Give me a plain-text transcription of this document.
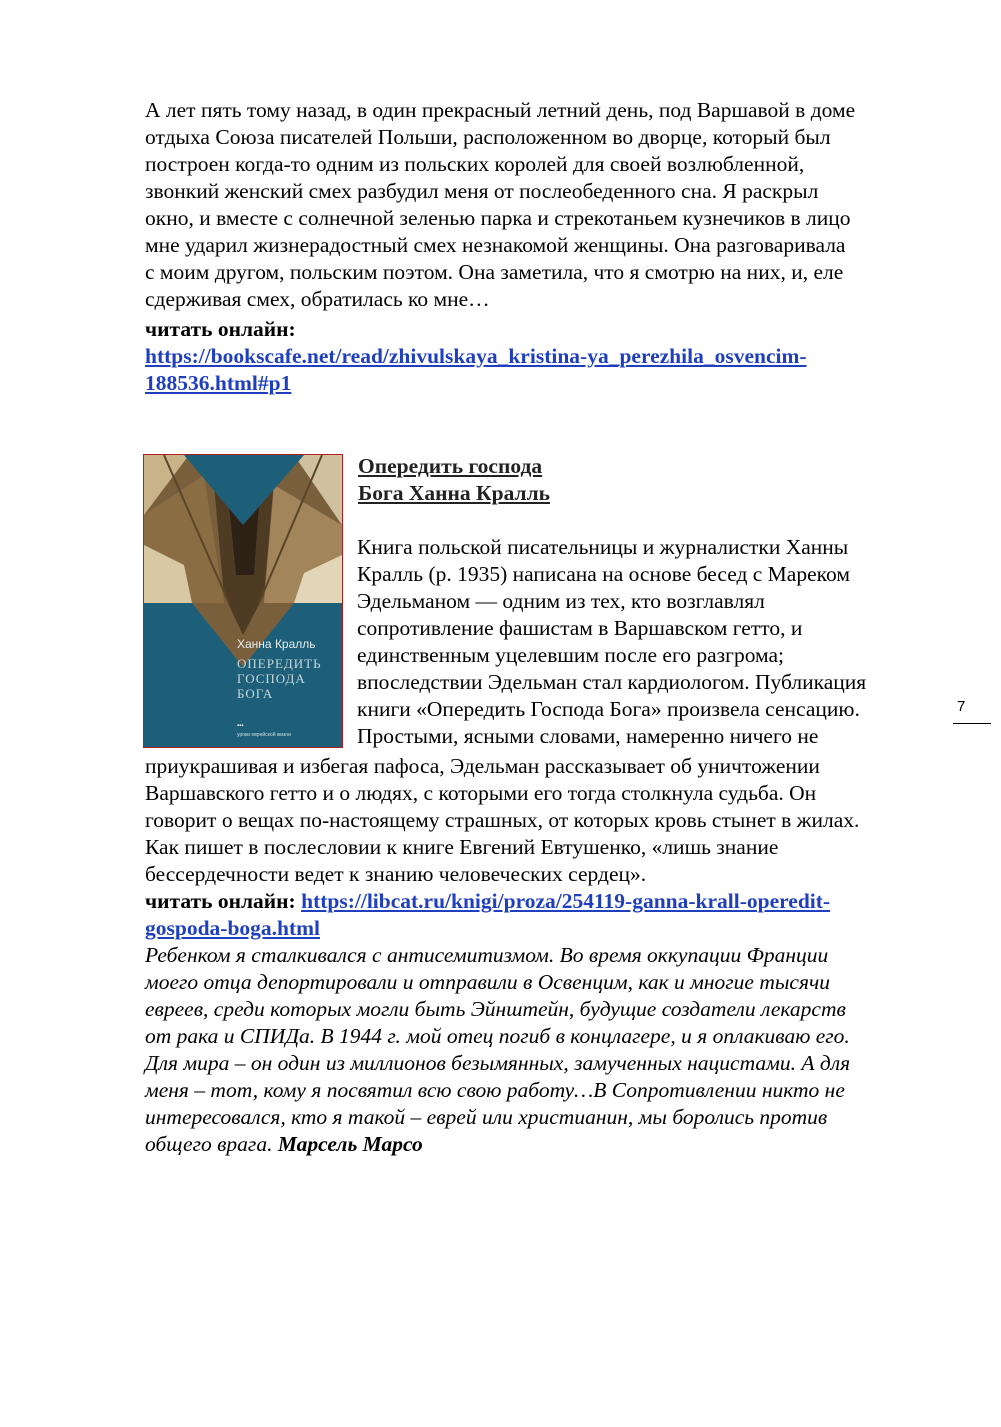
А лет пять тому назад, в один прекрасный летний день, под Варшавой в доме
отдыха Союза писателей Польши, расположенном во дворце, который был
построен когда-то одним из польских королей для своей возлюбленной,
звонкий женский смех разбудил меня от послеобеденного сна. Я раскрыл
окно, и вместе с солнечной зеленью парка и стрекотаньем кузнечиков в лицо
мне ударил жизнерадостный смех незнакомой женщины. Она разговаривала
с моим другом, польским поэтом. Она заметила, что я смотрю на них, и, еле
сдерживая смех, обратилась ко мне…
читать онлайн:
https://bookscafe.net/read/zhivulskaya_kristina-ya_perezhila_osvencim-
188536.html#p1
Ханна Кралль
ОПЕРЕДИТЬ
ГОСПОДА
БОГА
▪▪▪
уроки еврейской жизни
Опередить господа
Бога Ханна Кралль
Книга польской писательницы и журналистки Ханны
Кралль (р. 1935) написана на основе бесед с Мареком
Эдельманом — одним из тех, кто возглавлял
сопротивление фашистам в Варшавском гетто, и
единственным уцелевшим после его разгрома;
впоследствии Эдельман стал кардиологом. Публикация
книги «Опередить Господа Бога» произвела сенсацию.
Простыми, ясными словами, намеренно ничего не
приукрашивая и избегая пафоса, Эдельман рассказывает об уничтожении
Варшавского гетто и о людях, с которыми его тогда столкнула судьба. Он
говорит о вещах по-настоящему страшных, от которых кровь стынет в жилах.
Как пишет в послесловии к книге Евгений Евтушенко, «лишь знание
бессердечности ведет к знанию человеческих сердец».
читать онлайн: https://libcat.ru/knigi/proza/254119-ganna-krall-operedit-
gospoda-boga.html
Ребенком я сталкивался с антисемитизмом. Во время оккупации Франции
моего отца депортировали и отправили в Освенцим, как и многие тысячи
евреев, среди которых могли быть Эйнштейн, будущие создатели лекарств
от рака и СПИДа. В 1944 г. мой отец погиб в концлагере, и я оплакиваю его.
Для мира – он один из миллионов безымянных, замученных нацистами. А для
меня – тот, кому я посвятил всю свою работу…В Сопротивлении никто не
интересовался, кто я такой – еврей или христианин, мы боролись против
общего врага. Марсель Марсо
7
